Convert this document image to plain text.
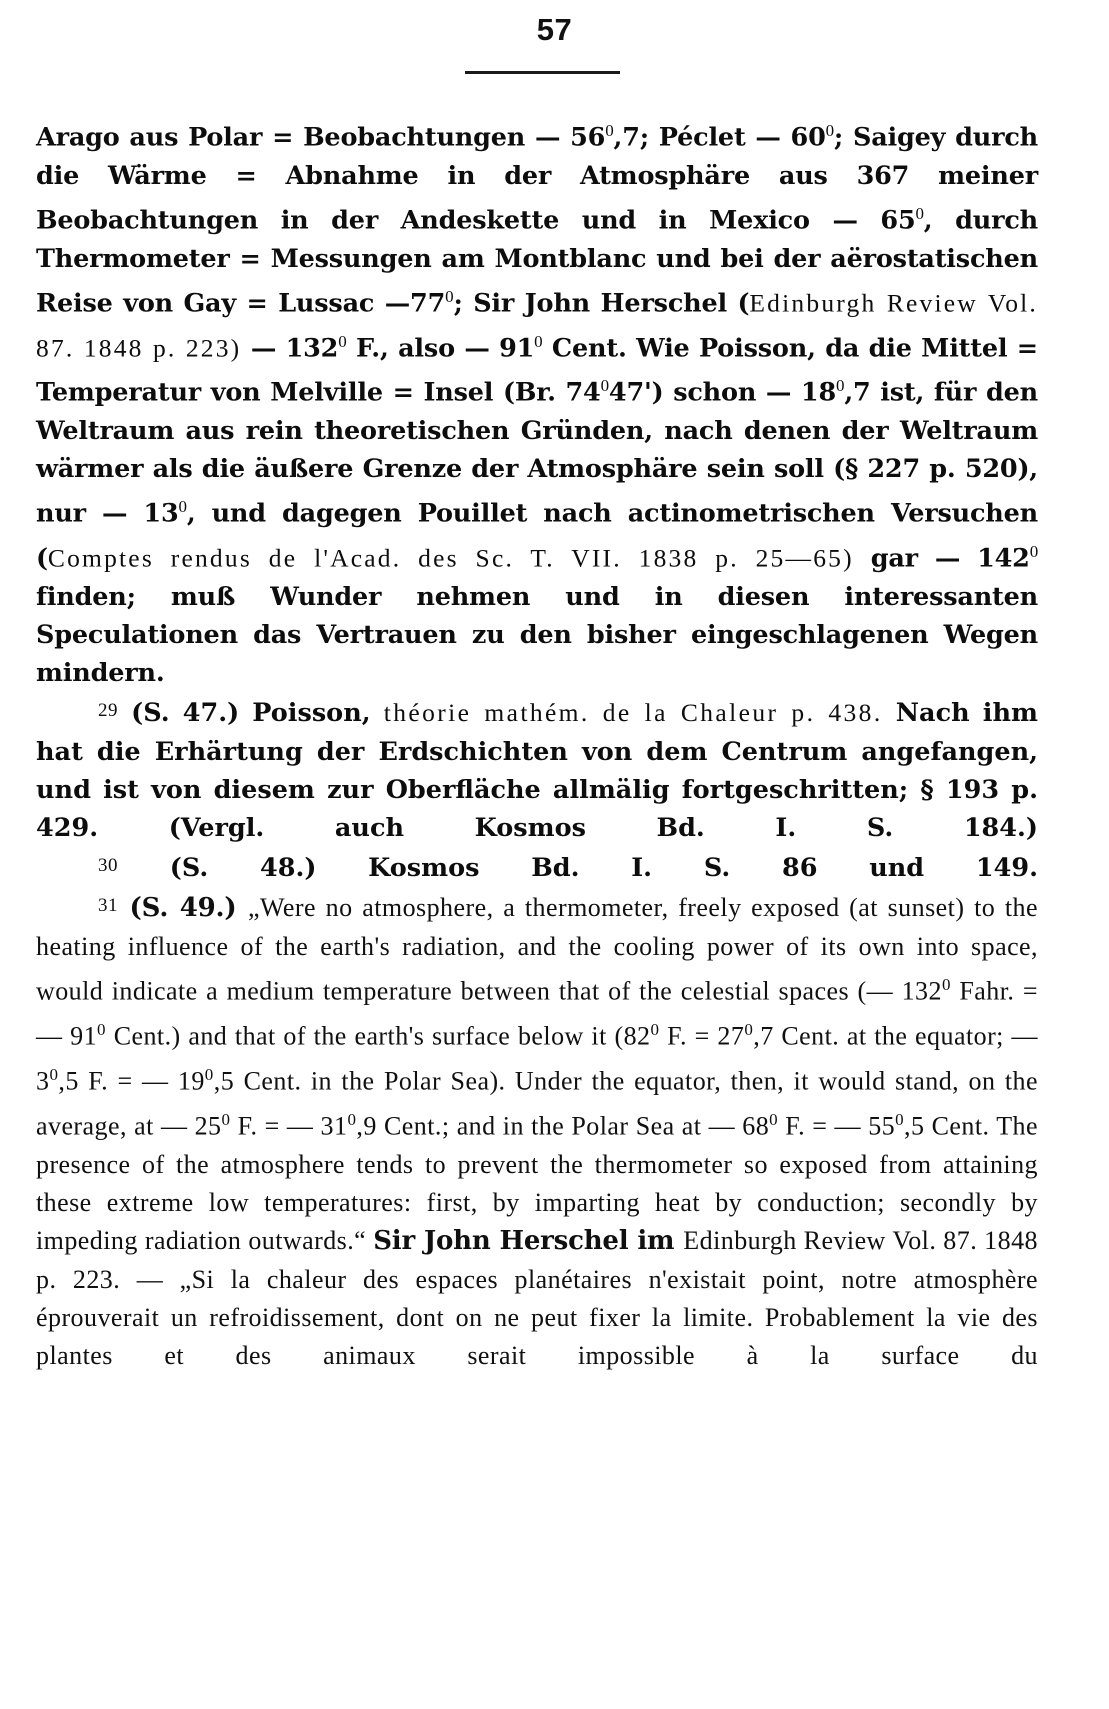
57

Arago aus Polar = Beobachtungen — $56^0,7$; Péclet — $60^0$; Saigey durch die Wärme = Abnahme in der Atmosphäre aus 367 meiner Beobachtungen in der Andeskette und in Mexico — $65^0$, durch Thermometer = Messungen am Montblanc und bei der aërostatischen Reise von Gay = Lussac $—77^0$; Sir John Herschel (Edinburgh Review Vol. 87. 1848 p. 223) — $132^0$ F., also — $91^0$ Cent. Wie Poisson, da die Mittel = Temperatur von Melville = Insel (Br. $74^047'$) schon — $18^0,7$ ist, für den Weltraum aus rein theoretischen Gründen, nach denen der Weltraum wärmer als die äußere Grenze der Atmosphäre sein soll (§ 227 p. 520), nur — $13^0$, und dagegen Pouillet nach actinometrischen Versuchen (Comptes rendus de l'Acad. des Sc. T. VII. 1838 p. 25—65) gar — $142^0$ finden; muß Wunder nehmen und in diesen interessanten Speculationen das Vertrauen zu den bisher eingeschlagenen Wegen mindern.

29 (S. 47.) Poisson, théorie mathém. de la Chaleur p. 438. Nach ihm hat die Erhärtung der Erdschichten von dem Centrum angefangen, und ist von diesem zur Oberfläche allmälig fortgeschritten; § 193 p. 429. (Vergl. auch Kosmos Bd. I. S. 184.)

30 (S. 48.) Kosmos Bd. I. S. 86 und 149.

31 (S. 49.) „Were no atmosphere, a thermometer, freely exposed (at sunset) to the heating influence of the earth's radiation, and the cooling power of its own into space, would indicate a medium temperature between that of the celestial spaces (— $132^0$ Fahr. = — $91^0$ Cent.) and that of the earth's surface below it ($82^0$ F. = $27^0,7$ Cent. at the equator; — $3^0,5$ F. = — $19^0,5$ Cent. in the Polar Sea). Under the equator, then, it would stand, on the average, at — $25^0$ F. = — $31^0,9$ Cent.; and in the Polar Sea at — $68^0$ F. = — $55^0,5$ Cent. The presence of the atmosphere tends to prevent the thermometer so exposed from attaining these extreme low temperatures: first, by imparting heat by conduction; secondly by impeding radiation outwards.“ Sir John Herschel im Edinburgh Review Vol. 87. 1848 p. 223. — „Si la chaleur des espaces planétaires n'existait point, notre atmosphère éprouverait un refroidissement, dont on ne peut fixer la limite. Probablement la vie des plantes et des animaux serait impossible à la surface du
